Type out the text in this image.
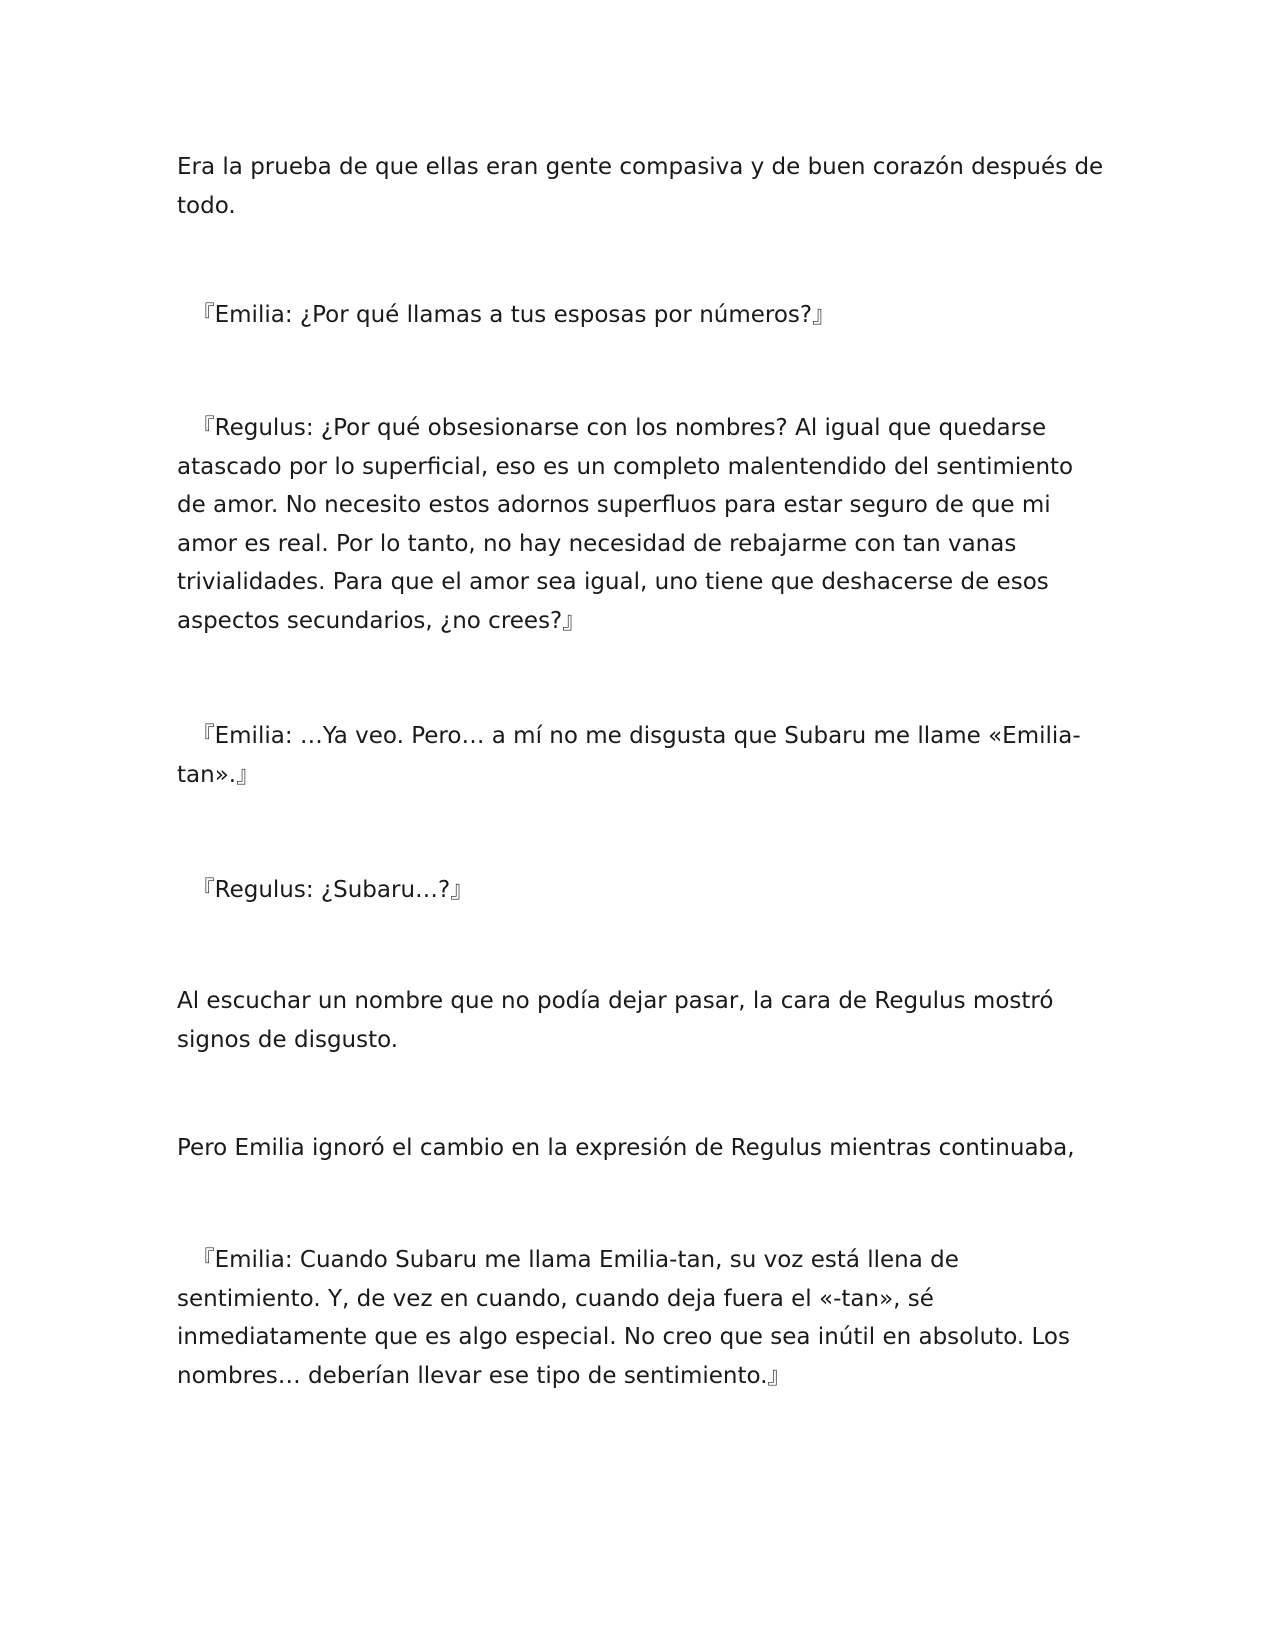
Era la prueba de que ellas eran gente compasiva y de buen corazón después de todo.

『Emilia: ¿Por qué llamas a tus esposas por números?』

『Regulus: ¿Por qué obsesionarse con los nombres? Al igual que quedarse atascado por lo superficial, eso es un completo malentendido del sentimiento de amor. No necesito estos adornos superfluos para estar seguro de que mi amor es real. Por lo tanto, no hay necesidad de rebajarme con tan vanas trivialidades. Para que el amor sea igual, uno tiene que deshacerse de esos aspectos secundarios, ¿no crees?』

『Emilia: …Ya veo. Pero… a mí no me disgusta que Subaru me llame «Emilia-tan».』

『Regulus: ¿Subaru…?』

Al escuchar un nombre que no podía dejar pasar, la cara de Regulus mostró signos de disgusto.

Pero Emilia ignoró el cambio en la expresión de Regulus mientras continuaba,

『Emilia: Cuando Subaru me llama Emilia-tan, su voz está llena de sentimiento. Y, de vez en cuando, cuando deja fuera el «-tan», sé inmediatamente que es algo especial. No creo que sea inútil en absoluto. Los nombres… deberían llevar ese tipo de sentimiento.』
